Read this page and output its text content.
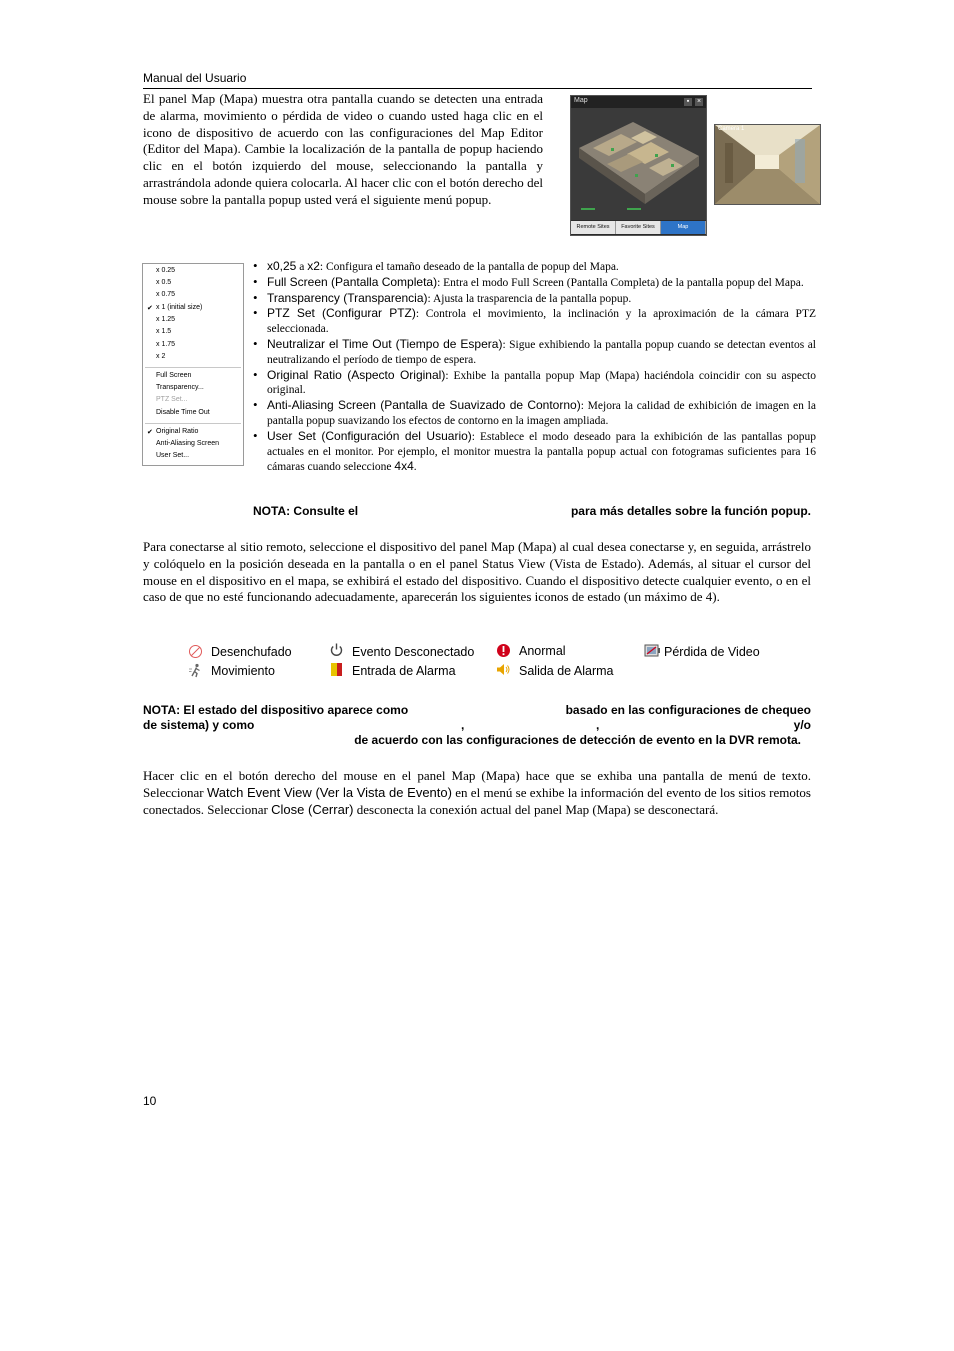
Manual del Usuario
El panel Map (Mapa) muestra otra pantalla cuando se detecten una entrada de alarma, movimiento o pérdida de video o cuando usted haga clic en el icono de dispositivo de acuerdo con las configuraciones del Map Editor (Editor del Mapa). Cambie la localización de la pantalla de popup haciendo clic en el botón izquierdo del mouse, seleccionando la pantalla y arrastrándola adonde quiera colocarla. Al hacer clic con el botón derecho del mouse sobre la pantalla popup usted verá el siguiente menú popup.
Map	▪	×
Remote Sites	Favorite Sites	Map
Camera 1
x 0.25
x 0.5
x 0.75
✔ x 1 (initial size)
x 1.25
x 1.5
x 1.75
x 2
Full Screen
Transparency...
PTZ Set...
Disable Time Out
✔ Original Ratio
Anti-Aliasing Screen
User Set...
• x0,25 a x2: Configura el tamaño deseado de la pantalla de popup del Mapa.
• Full Screen (Pantalla Completa): Entra el modo Full Screen (Pantalla Completa) de la pantalla popup del Mapa.
• Transparency (Transparencia): Ajusta la trasparencia de la pantalla popup.
• PTZ Set (Configurar PTZ): Controla el movimiento, la inclinación y la aproximación de la cámara PTZ seleccionada.
• Neutralizar el Time Out (Tiempo de Espera): Sigue exhibiendo la pantalla popup cuando se detectan eventos al neutralizando el período de tiempo de espera.
• Original Ratio (Aspecto Original): Exhibe la pantalla popup Map (Mapa) haciéndola coincidir con su aspecto original.
• Anti-Aliasing Screen (Pantalla de Suavizado de Contorno): Mejora la calidad de exhibición de imagen en la pantalla popup suavizando los efectos de contorno en la imagen ampliada.
• User Set (Configuración del Usuario): Establece el modo deseado para la exhibición de las pantallas popup actuales en el monitor. Por ejemplo, el monitor muestra la pantalla popup actual con fotogramas suficientes para 16 cámaras cuando seleccione 4x4.
NOTA: Consulte el	para más detalles sobre la función popup.
Para conectarse al sitio remoto, seleccione el dispositivo del panel Map (Mapa) al cual desea conectarse y, en seguida, arrástrelo y colóquelo en la posición deseada en la pantalla o en el panel Status View (Vista de Estado). Además, al situar el cursor del mouse en el dispositivo en el mapa, se exhibirá el estado del dispositivo. Cuando el dispositivo detecte cualquier evento, o en el caso de que no esté funcionando adecuadamente, aparecerán los siguientes iconos de estado (un máximo de 4).
Desenchufado	Evento Desconectado	Anormal	Pérdida de Video
Movimiento	Entrada de Alarma	Salida de Alarma
NOTA: El estado del dispositivo aparece como	basado en las configuraciones de chequeo
de sistema) y como	,	,	y/o
de acuerdo con las configuraciones de detección de evento en la DVR remota.
Hacer clic en el botón derecho del mouse en el panel Map (Mapa) hace que se exhiba una pantalla de menú de texto. Seleccionar Watch Event View (Ver la Vista de Evento) en el menú se exhibe la información del evento de los sitios remotos conectados. Seleccionar Close (Cerrar) desconecta la conexión actual del panel Map (Mapa) se desconectará.
10
